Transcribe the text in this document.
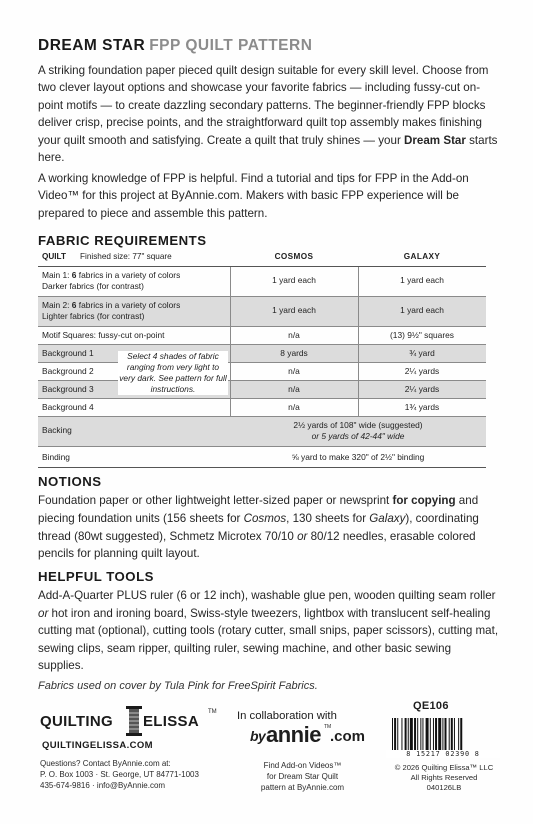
DREAM STAR FPP QUILT PATTERN
A striking foundation paper pieced quilt design suitable for every skill level. Choose from two clever layout options and showcase your favorite fabrics — including fussy-cut on-point motifs — to create dazzling secondary patterns. The beginner-friendly FPP blocks deliver crisp, precise points, and the straightforward quilt top assembly makes finishing your quilt smooth and satisfying. Create a quilt that truly shines — your Dream Star starts here.
A working knowledge of FPP is helpful. Find a tutorial and tips for FPP in the Add-on Video™ for this project at ByAnnie.com. Makers with basic FPP experience will be prepared to piece and assemble this pattern.
FABRIC REQUIREMENTS
QUILT Finished size: 77" square	COSMOS	GALAXY
Main 1: 6 fabrics in a variety of colors
Darker fabrics (for contrast)
1 yard each	1 yard each
Main 2: 6 fabrics in a variety of colors
Lighter fabrics (for contrast)
1 yard each	1 yard each
Motif Squares: fussy-cut on-point	n/a	(13) 9½" squares
Background 1	8 yards	¾ yard
Background 2	n/a	2¼ yards
Background 3	n/a	2¼ yards
Background 4	n/a	1¾ yards
Select 4 shades of fabric ranging from very light to very dark. See pattern for full instructions.
Backing	2½ yards of 108" wide (suggested)
or 5 yards of 42-44" wide
Binding	⅝ yard to make 320" of 2½" binding
NOTIONS
Foundation paper or other lightweight letter-sized paper or newsprint for copying and piecing foundation units (156 sheets for Cosmos, 130 sheets for Galaxy), coordinating thread (80wt suggested), Schmetz Microtex 70/10 or 80/12 needles, erasable colored pencils for planning quilt layout.
HELPFUL TOOLS
Add-A-Quarter PLUS ruler (6 or 12 inch), washable glue pen, wooden quilting seam roller or hot iron and ironing board, Swiss-style tweezers, lightbox with translucent self-healing cutting mat (optional), cutting tools (rotary cutter, small snips, paper scissors), cutting mat, sewing clips, seam ripper, quilting ruler, sewing machine, and other basic sewing supplies.
Fabrics used on cover by Tula Pink for FreeSpirit Fabrics.
QUILTING ELISSA
TM
QUILTINGELISSA.COM
Questions? Contact ByAnnie.com at:
P. O. Box 1003 · St. George, UT 84771-1003
435-674-9816 · info@ByAnnie.com
In collaboration with
by annie TM
.com
Find Add-on Videos™
for Dream Star Quilt
pattern at ByAnnie.com
QE106
8 15217 02390 8
© 2026 Quilting Elissa™ LLC
All Rights Reserved
040126LB
